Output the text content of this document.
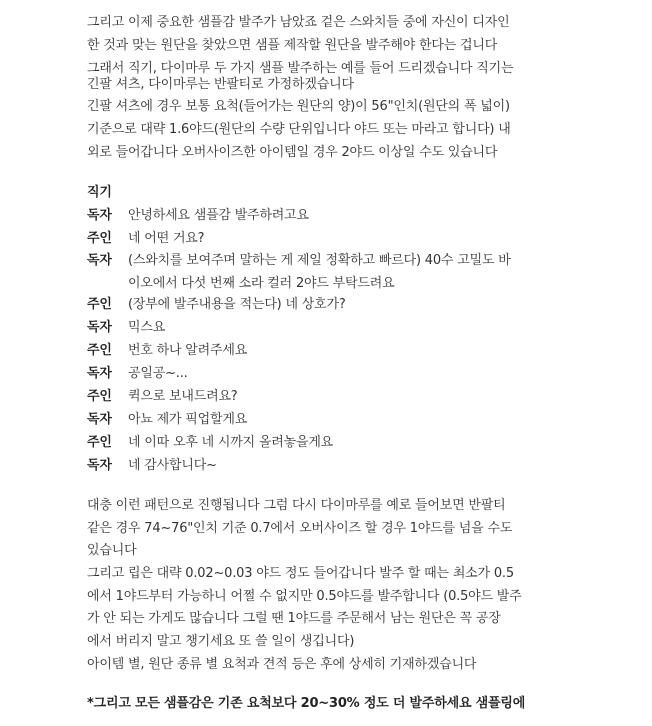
그리고 이제 중요한 샘플감 발주가 남았죠 겉은 스와치들 중에 자신이 디자인
한 것과 맞는 원단을 찾았으면 샘플 제작할 원단을 발주해야 한다는 겁니다
그래서 직기, 다이마루 두 가지 샘플 발주하는 예를 들어 드리겠습니다 직기는
긴팔 셔츠, 다이마루는 반팔티로 가정하겠습니다
긴팔 셔츠에 경우 보통 요척(들어가는 원단의 양)이 56"인치(원단의 폭 넓이)
기준으로 대략 1.6야드(원단의 수량 단위입니다 야드 또는 마라고 합니다) 내
외로 들어갑니다 오버사이즈한 아이템일 경우 2야드 이상일 수도 있습니다
직기
독자	안녕하세요 샘플감 발주하려고요
주인	네 어떤 거요?
독자	(스와치를 보여주며 말하는 게 제일 정확하고 빠르다) 40수 고밀도 바
이오에서 다섯 번째 소라 컬러 2야드 부탁드려요
주인	(장부에 발주내용을 적는다) 네 상호가?
독자	믹스요
주인	번호 하나 알려주세요
독자	공일공~...
주인	퀵으로 보내드려요?
독자	아뇨 제가 픽업할게요
주인	네 이따 오후 네 시까지 올려놓을게요
독자	네 감사합니다~
대충 이런 패턴으로 진행됩니다 그럼 다시 다이마루를 예로 들어보면 반팔티
같은 경우 74~76"인치 기준 0.7에서 오버사이즈 할 경우 1야드를 넘을 수도
있습니다
그리고 립은 대략 0.02~0.03 야드 정도 들어갑니다 발주 할 때는 최소가 0.5
에서 1야드부터 가능하니 어쩔 수 없지만 0.5야드를 발주합니다 (0.5야드 발주
가 안 되는 가게도 많습니다 그럴 땐 1야드를 주문해서 남는 원단은 꼭 공장
에서 버리지 말고 챙기세요 또 쓸 일이 생깁니다)
아이템 별, 원단 종류 별 요척과 견적 등은 후에 상세히 기재하겠습니다
*그리고 모든 샘플감은 기존 요척보다 20~30% 정도 더 발주하세요 샘플링에
